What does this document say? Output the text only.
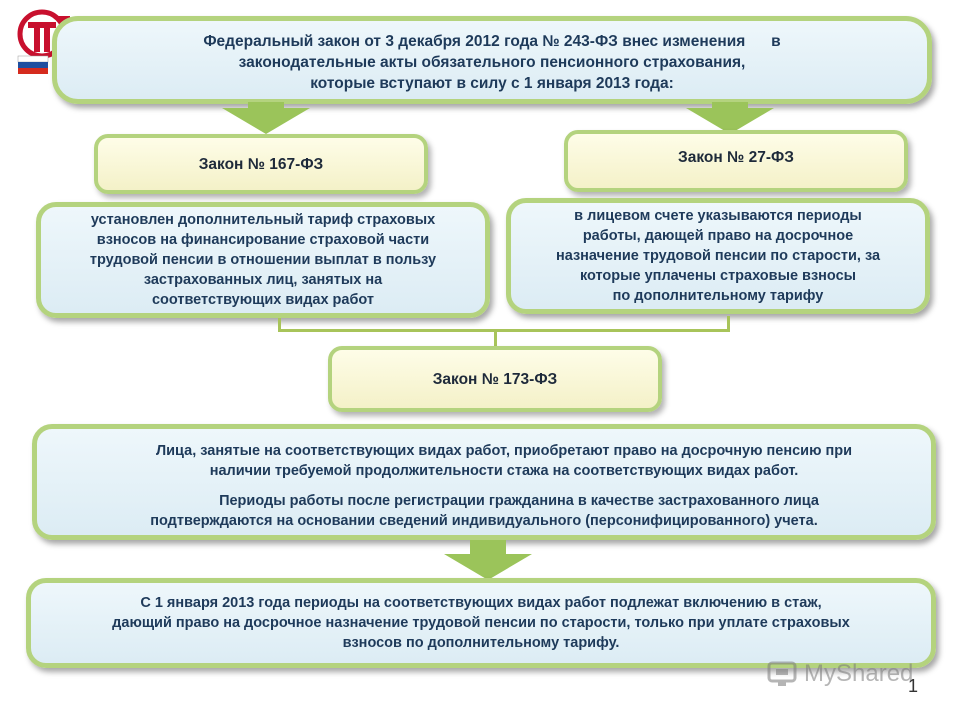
Федеральный закон от 3 декабря 2012 года № 243-ФЗ внес изменения      в
законодательные акты обязательного пенсионного страхования,
которые вступают в силу с 1 января 2013 года:
Закон № 167-ФЗ
установлен дополнительный тариф страховых
взносов на финансирование страховой части
трудовой пенсии в отношении выплат в пользу
застрахованных лиц, занятых на
соответствующих видах работ
Закон № 27-ФЗ
в лицевом счете указываются периоды
работы, дающей право на досрочное
назначение трудовой пенсии по старости, за
которые уплачены страховые взносы
по дополнительному тарифу
Закон № 173-ФЗ
Лица, занятые на соответствующих видах работ, приобретают право на досрочную пенсию при
наличии требуемой продолжительности стажа на соответствующих видах работ.
Периоды работы после регистрации гражданина в качестве застрахованного лица
подтверждаются на основании сведений индивидуального (персонифицированного) учета.
С 1 января 2013 года периоды на соответствующих видах работ подлежат включению в стаж,
дающий право на досрочное назначение трудовой пенсии по старости, только при уплате страховых
взносов по дополнительному тарифу.
MyShared
1
